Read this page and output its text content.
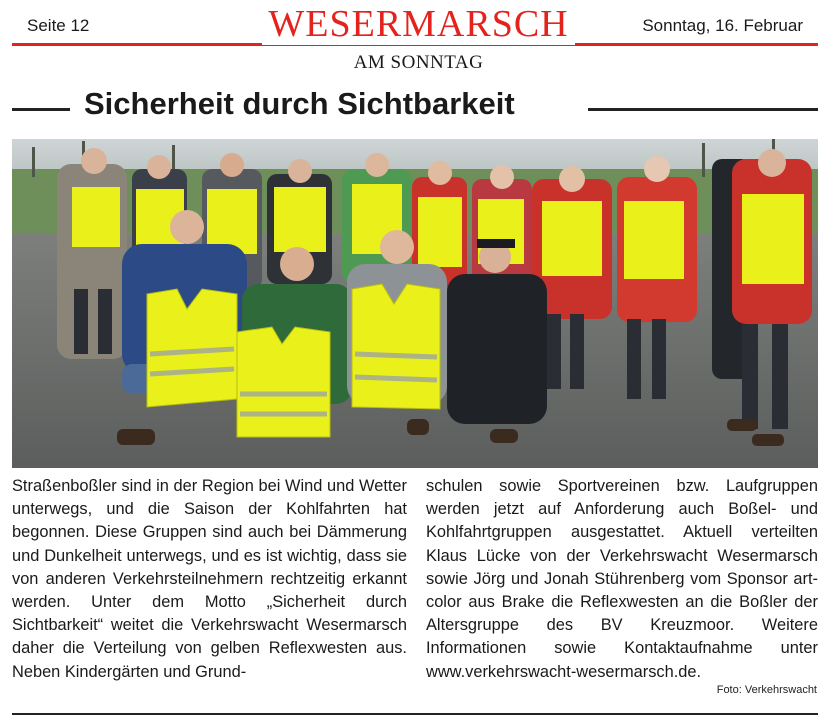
Seite 12	WESERMARSCH	Sonntag, 16. Februar
AM SONNTAG
Sicherheit durch Sichtbarkeit
Straßenboßler sind in der Region bei Wind und Wetter unterwegs, und die Saison der Kohlfahrten hat begonnen. Diese Gruppen sind auch bei Dämmerung und Dunkelheit unterwegs, und es ist wichtig, dass sie von anderen Verkehrsteilnehmern rechtzeitig erkannt werden. Unter dem Motto „Sicherheit durch Sichtbarkeit“ weitet die Verkehrswacht Wesermarsch daher die Verteilung von gelben Reflexwesten aus. Neben Kindergärten und Grund-
schulen sowie Sportvereinen bzw. Laufgruppen werden jetzt auf Anforderung auch Boßel- und Kohlfahrtgruppen ausgestattet. Aktuell verteilten Klaus Lücke von der Verkehrswacht Wesermarsch sowie Jörg und Jonah Stührenberg vom Sponsor art-color aus Brake die Reflexwesten an die Boßler der Altersgruppe des BV Kreuzmoor. Weitere Informationen sowie Kontaktaufnahme unter www.verkehrswacht-wesermarsch.de.
Foto: Verkehrswacht
